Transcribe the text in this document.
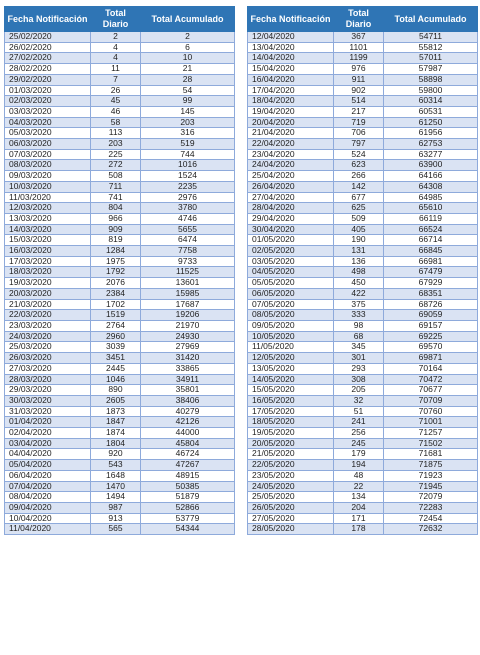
Fecha Notificación	Total Diario	Total Acumulado
25/02/2020	2	2
26/02/2020	4	6
27/02/2020	4	10
28/02/2020	11	21
29/02/2020	7	28
01/03/2020	26	54
02/03/2020	45	99
03/03/2020	46	145
04/03/2020	58	203
05/03/2020	113	316
06/03/2020	203	519
07/03/2020	225	744
08/03/2020	272	1016
09/03/2020	508	1524
10/03/2020	711	2235
11/03/2020	741	2976
12/03/2020	804	3780
13/03/2020	966	4746
14/03/2020	909	5655
15/03/2020	819	6474
16/03/2020	1284	7758
17/03/2020	1975	9733
18/03/2020	1792	11525
19/03/2020	2076	13601
20/03/2020	2384	15985
21/03/2020	1702	17687
22/03/2020	1519	19206
23/03/2020	2764	21970
24/03/2020	2960	24930
25/03/2020	3039	27969
26/03/2020	3451	31420
27/03/2020	2445	33865
28/03/2020	1046	34911
29/03/2020	890	35801
30/03/2020	2605	38406
31/03/2020	1873	40279
01/04/2020	1847	42126
02/04/2020	1874	44000
03/04/2020	1804	45804
04/04/2020	920	46724
05/04/2020	543	47267
06/04/2020	1648	48915
07/04/2020	1470	50385
08/04/2020	1494	51879
09/04/2020	987	52866
10/04/2020	913	53779
11/04/2020	565	54344
Fecha Notificación	Total Diario	Total Acumulado
12/04/2020	367	54711
13/04/2020	1101	55812
14/04/2020	1199	57011
15/04/2020	976	57987
16/04/2020	911	58898
17/04/2020	902	59800
18/04/2020	514	60314
19/04/2020	217	60531
20/04/2020	719	61250
21/04/2020	706	61956
22/04/2020	797	62753
23/04/2020	524	63277
24/04/2020	623	63900
25/04/2020	266	64166
26/04/2020	142	64308
27/04/2020	677	64985
28/04/2020	625	65610
29/04/2020	509	66119
30/04/2020	405	66524
01/05/2020	190	66714
02/05/2020	131	66845
03/05/2020	136	66981
04/05/2020	498	67479
05/05/2020	450	67929
06/05/2020	422	68351
07/05/2020	375	68726
08/05/2020	333	69059
09/05/2020	98	69157
10/05/2020	68	69225
11/05/2020	345	69570
12/05/2020	301	69871
13/05/2020	293	70164
14/05/2020	308	70472
15/05/2020	205	70677
16/05/2020	32	70709
17/05/2020	51	70760
18/05/2020	241	71001
19/05/2020	256	71257
20/05/2020	245	71502
21/05/2020	179	71681
22/05/2020	194	71875
23/05/2020	48	71923
24/05/2020	22	71945
25/05/2020	134	72079
26/05/2020	204	72283
27/05/2020	171	72454
28/05/2020	178	72632
